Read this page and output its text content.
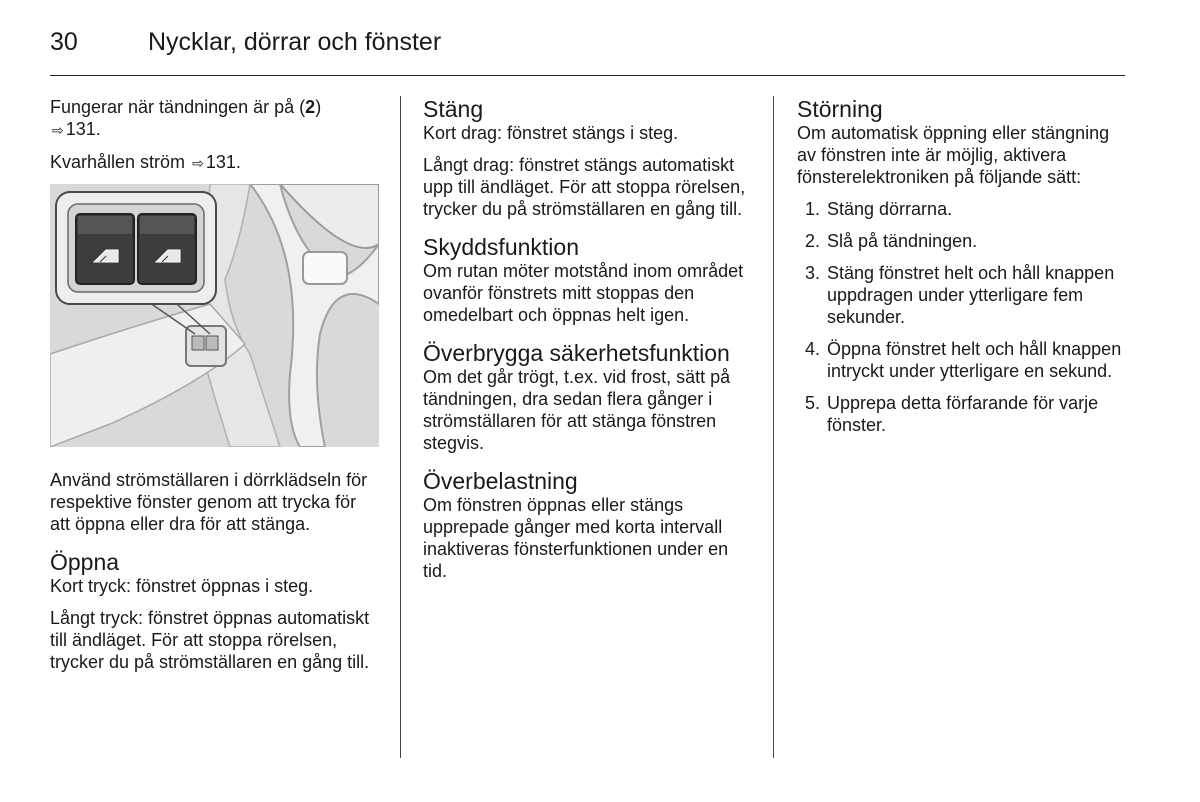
30	Nycklar, dörrar och fönster

Fungerar när tändningen är på (2)
⇨ 131.

Kvarhållen ström ⇨ 131.

Använd strömställaren i dörrklädseln för respektive fönster genom att trycka för att öppna eller dra för att stänga.

Öppna

Kort tryck: fönstret öppnas i steg.

Långt tryck: fönstret öppnas automatiskt till ändläget. För att stoppa rörelsen, trycker du på strömställaren en gång till.

Stäng

Kort drag: fönstret stängs i steg.

Långt drag: fönstret stängs automatiskt upp till ändläget. För att stoppa rörelsen, trycker du på strömställaren en gång till.

Skyddsfunktion

Om rutan möter motstånd inom området ovanför fönstrets mitt stoppas den omedelbart och öppnas helt igen.

Överbrygga säkerhetsfunktion

Om det går trögt, t.ex. vid frost, sätt på tändningen, dra sedan flera gånger i strömställaren för att stänga fönstren stegvis.

Överbelastning

Om fönstren öppnas eller stängs upprepade gånger med korta intervall inaktiveras fönsterfunktionen under en tid.

Störning

Om automatisk öppning eller stängning av fönstren inte är möjlig, aktivera fönsterelektroniken på följande sätt:

1. Stäng dörrarna.
2. Slå på tändningen.
3. Stäng fönstret helt och håll knappen uppdragen under ytterligare fem sekunder.
4. Öppna fönstret helt och håll knappen intryckt under ytterligare en sekund.
5. Upprepa detta förfarande för varje fönster.
